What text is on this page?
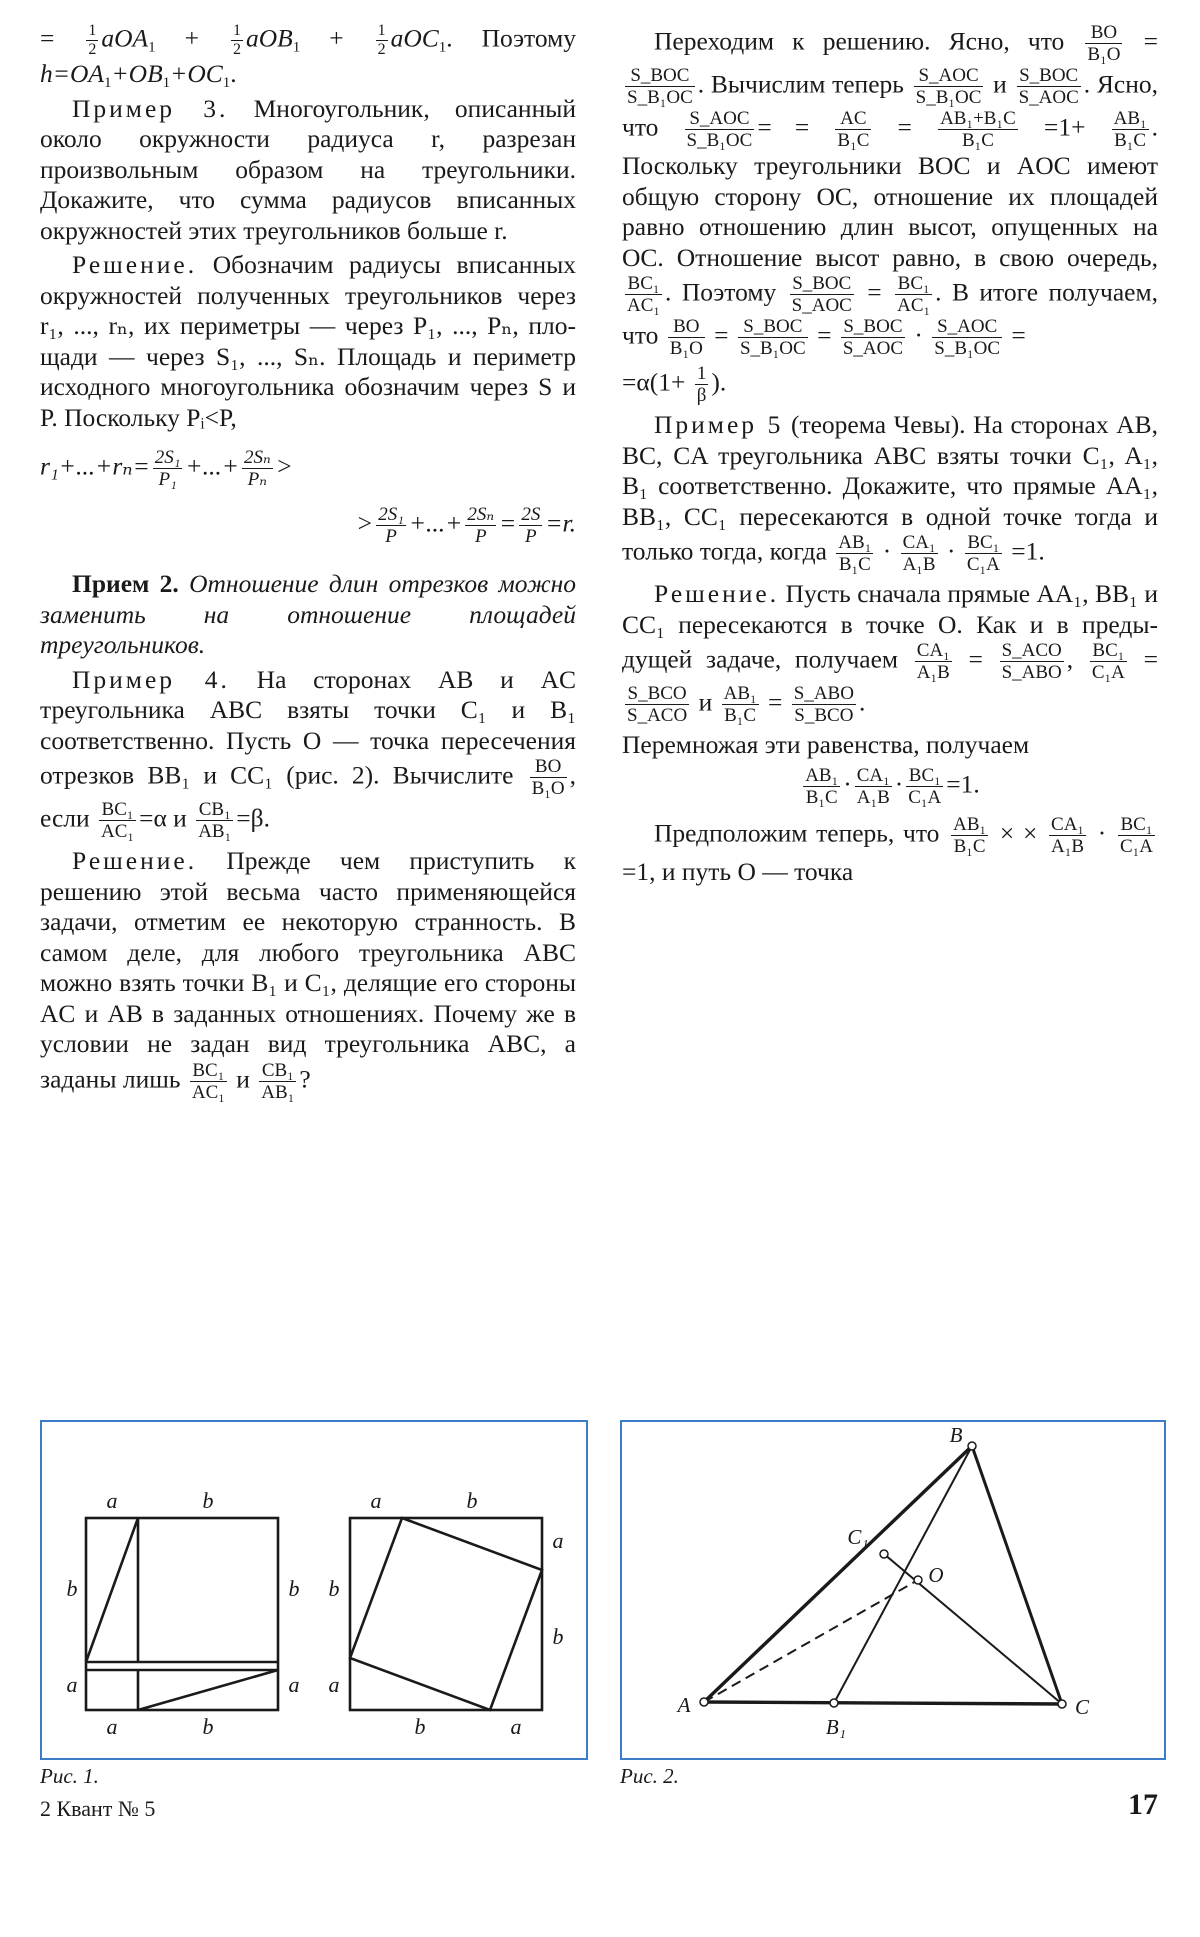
= $\frac{1}{2} aOA_1 + \frac{1}{2} aOB_1 + \frac{1}{2} aOC_1$. Поэтому $h=OA_1+OB_1+OC_1$.

Пример 3. Многоугольник, описанный около окружности радиуса r, разрезан произвольным образом на треугольники. Докажите, что сумма радиусов вписанных окружностей этих треугольников больше r.

Решение. Обозначим радиусы вписанных окружностей полученных треугольников через r₁, ..., rₙ, их периметры — через P₁, ..., Pₙ, площади — через S₁, ..., Sₙ. Площадь и периметр исходного многоугольника обозначим через S и P. Поскольку Pᵢ<P,

$r_1+...+r_n= \frac{\text{2S₁}}{\text{P₁}}$ +...+ $\frac{\text{2Sₙ}}{\text{Pₙ}}$ >
> $\frac{\text{2S₁}}{P}$ +...+ $\frac{\text{2Sₙ}}{P} = \frac{2S}{P} =r$.

Прием 2. Отношение длин отрезков можно заменить на отношение площадей треугольников.

Пример 4. На сторонах AB и AC треугольника ABC взяты точки C₁ и B₁ соответственно. Пусть O — точка пересечения отрезков BB₁ и CC₁ (рис. 2). Вычислите $\frac{BO}{\text{B₁O}}$ , если $\frac{\text{BC₁}}{\text{AC₁}} =\alpha$ и $\frac{\text{CB₁}}{\text{AB₁}} =\beta$.

Решение. Прежде чем приступить к решению этой весьма часто применяющейся задачи, отметим ее некоторую странность. В самом деле, для любого треугольника ABC можно взять точки B₁ и C₁, делящие его стороны AC и AB в заданных отношениях. Почему же в условии не задан вид треугольника ABC, а заданы лишь $\frac{\text{BC₁}}{\text{AC₁}}$ и $\frac{\text{CB₁}}{\text{AB₁}}$ ?

Переходим к решению. Ясно, что $\frac{BO}{\text{B₁O}}$ =
$\frac{\text{S\_BOC}}{\text{S\_B₁OC}}$ . Вычислим теперь $\frac{\text{S\_AOC}}{\text{S\_B₁OC}}$ и $\frac{\text{S\_BOC}}{\text{S\_AOC}}$ . Ясно, что $\frac{\text{S\_AOC}}{\text{S\_B₁OC}}$ = = $\frac{AC}{\text{B₁C}} = \frac{\text{AB₁+B₁C}}{\text{B₁C}} =1+ \frac{\text{AB₁}}{\text{B₁C}}$ . Поскольку треугольники BOC и AOC имеют общую сторону OC, отношение их площадей равно отношению длин высот, опущенных на OC. Отношение высот равно, в свою очередь,
$\frac{\text{BC₁}}{\text{AC₁}}$ . Поэтому $\frac{\text{S\_BOC}}{\text{S\_AOC}} = \frac{\text{BC₁}}{\text{AC₁}}$ . В итоге получаем, что $\frac{BO}{\text{B₁O}} = \frac{\text{S\_BOC}}{\text{S\_B₁OC}} = \frac{\text{S\_BOC}}{\text{S\_AOC}} \cdot \frac{\text{S\_AOC}}{\text{S\_B₁OC}}$ =

$=\alpha(1+ \frac{1}{\beta}$ ).

Пример 5 (теорема Чевы). На сторонах AB, BC, CA треугольника ABC взяты точки C₁, A₁, B₁ соответственно. Докажите, что прямые AA₁, BB₁, CC₁ пересекаются в одной точке тогда и только тогда, когда $\frac{\text{AB₁}}{\text{B₁C}} \cdot \frac{\text{CA₁}}{\text{A₁B}} \cdot \frac{\text{BC₁}}{\text{C₁A}} =1$.

Решение. Пусть сначала прямые AA₁, BB₁ и CC₁ пересекаются в точке O. Как и в предыдущей задаче, получаем $\frac{\text{CA₁}}{\text{A₁B}} = \frac{\text{S\_ACO}}{\text{S\_ABO}}$ , $\frac{\text{BC₁}}{\text{C₁A}}$ =
$\frac{\text{S\_BCO}}{\text{S\_ACO}}$ и $\frac{\text{AB₁}}{\text{B₁C}} = \frac{\text{S\_ABO}}{\text{S\_BCO}}$ .

Перемножая эти равенства, получаем

$\frac{\text{AB₁}}{\text{B₁C}} \cdot \frac{\text{CA₁}}{\text{A₁B}} \cdot \frac{\text{BC₁}}{\text{C₁A}} =1$.

Предположим теперь, что $\frac{\text{AB₁}}{\text{B₁C}}$ × × $\frac{\text{CA₁}}{\text{A₁B}} \cdot \frac{\text{BC₁}}{\text{C₁A}}$
=1, и путь O — точка

a	b
b
a
b
a
a	b
a	b
b
a
a
b
b	a
Рис. 1.
B
C₁
O
A
B₁
C
Рис. 2.
2 Квант № 5	17
